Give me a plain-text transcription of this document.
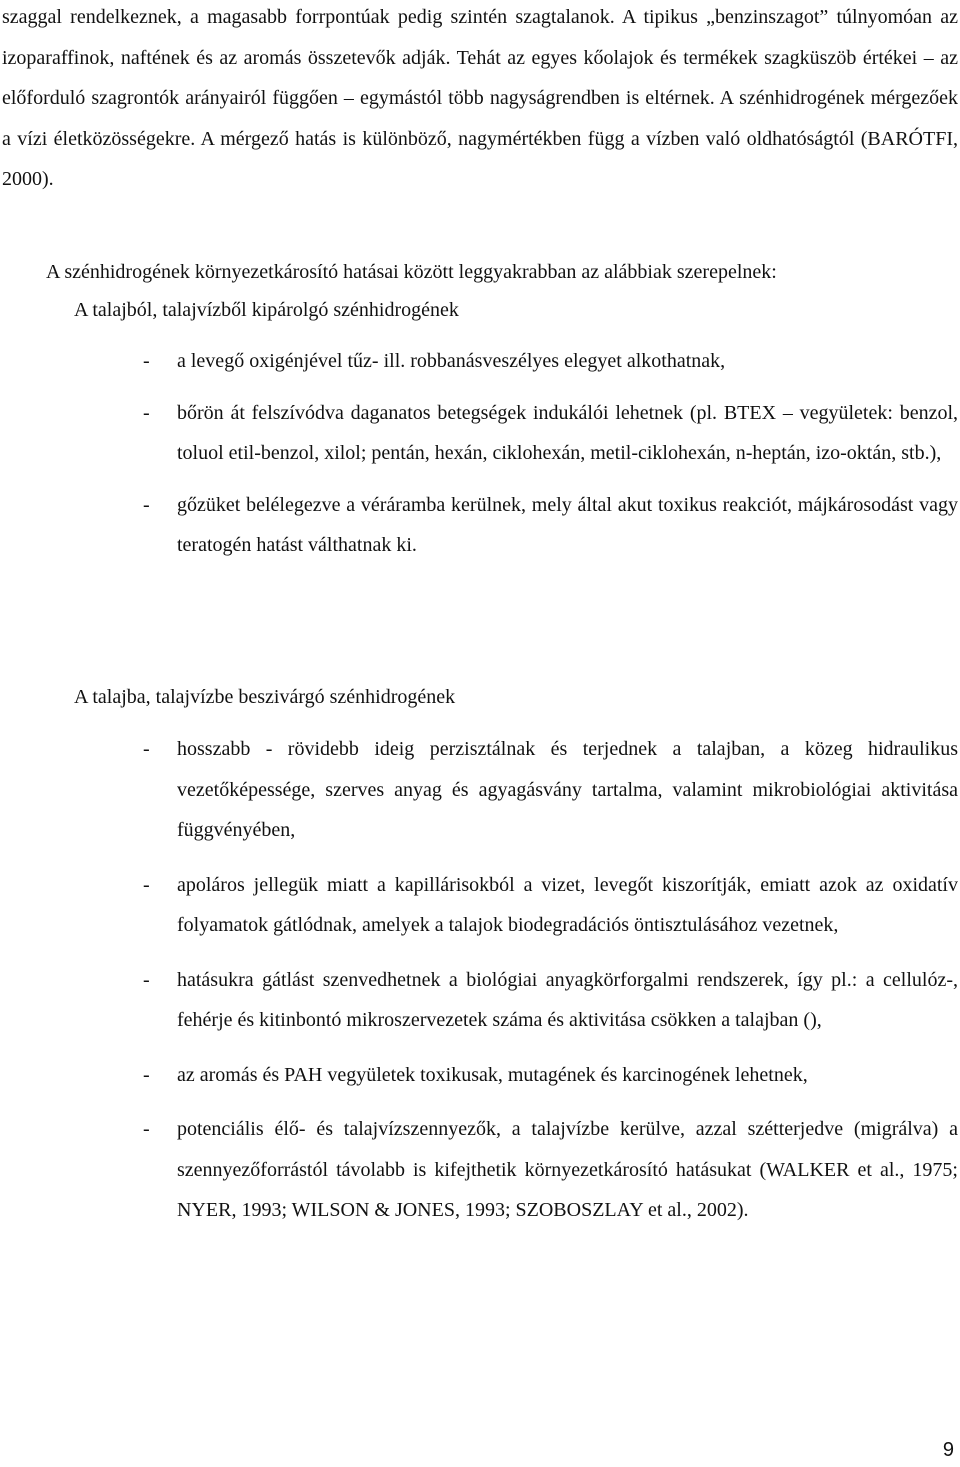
szaggal rendelkeznek, a magasabb forrpontúak pedig szintén szagtalanok. A tipikus „benzinszagot” túlnyomóan az izoparaffinok, naftének és az aromás összetevők adják. Tehát az egyes kőolajok és termékek szagküszöb értékei – az előforduló szagrontók arányairól függően – egymástól több nagyságrendben is eltérnek. A szénhidrogének mérgezőek a vízi életközösségekre. A mérgező hatás is különböző, nagymértékben függ a vízben való oldhatóságtól (BARÓTFI, 2000).

A szénhidrogének környezetkárosító hatásai között leggyakrabban az alábbiak szerepelnek:

A talajból, talajvízből kipárolgó szénhidrogének

- a levegő oxigénjével tűz- ill. robbanásveszélyes elegyet alkothatnak,
- bőrön át felszívódva daganatos betegségek indukálói lehetnek (pl. BTEX – vegyületek: benzol, toluol etil-benzol, xilol; pentán, hexán, ciklohexán, metil-ciklohexán, n-heptán, izo-oktán, stb.),
- gőzüket belélegezve a véráramba kerülnek, mely által akut toxikus reakciót, májkárosodást vagy teratogén hatást válthatnak ki.

A talajba, talajvízbe beszivárgó szénhidrogének

- hosszabb - rövidebb ideig perzisztálnak és terjednek a talajban, a közeg hidraulikus vezetőképessége, szerves anyag és agyagásvány tartalma, valamint mikrobiológiai aktivitása függvényében,
- apoláros jellegük miatt a kapillárisokból a vizet, levegőt kiszorítják, emiatt azok az oxidatív folyamatok gátlódnak, amelyek a talajok biodegradációs öntisztulásához vezetnek,
- hatásukra gátlást szenvedhetnek a biológiai anyagkörforgalmi rendszerek, így pl.: a cellulóz-, fehérje és kitinbontó mikroszervezetek száma és aktivitása csökken a talajban (),
- az aromás és PAH vegyületek toxikusak, mutagének és karcinogének lehetnek,
- potenciális élő- és talajvízszennyezők, a talajvízbe kerülve, azzal szétterjedve (migrálva) a szennyezőforrástól távolabb is kifejthetik környezetkárosító hatásukat (WALKER et al., 1975; NYER, 1993; WILSON & JONES, 1993; SZOBOSZLAY et al., 2002).
9
